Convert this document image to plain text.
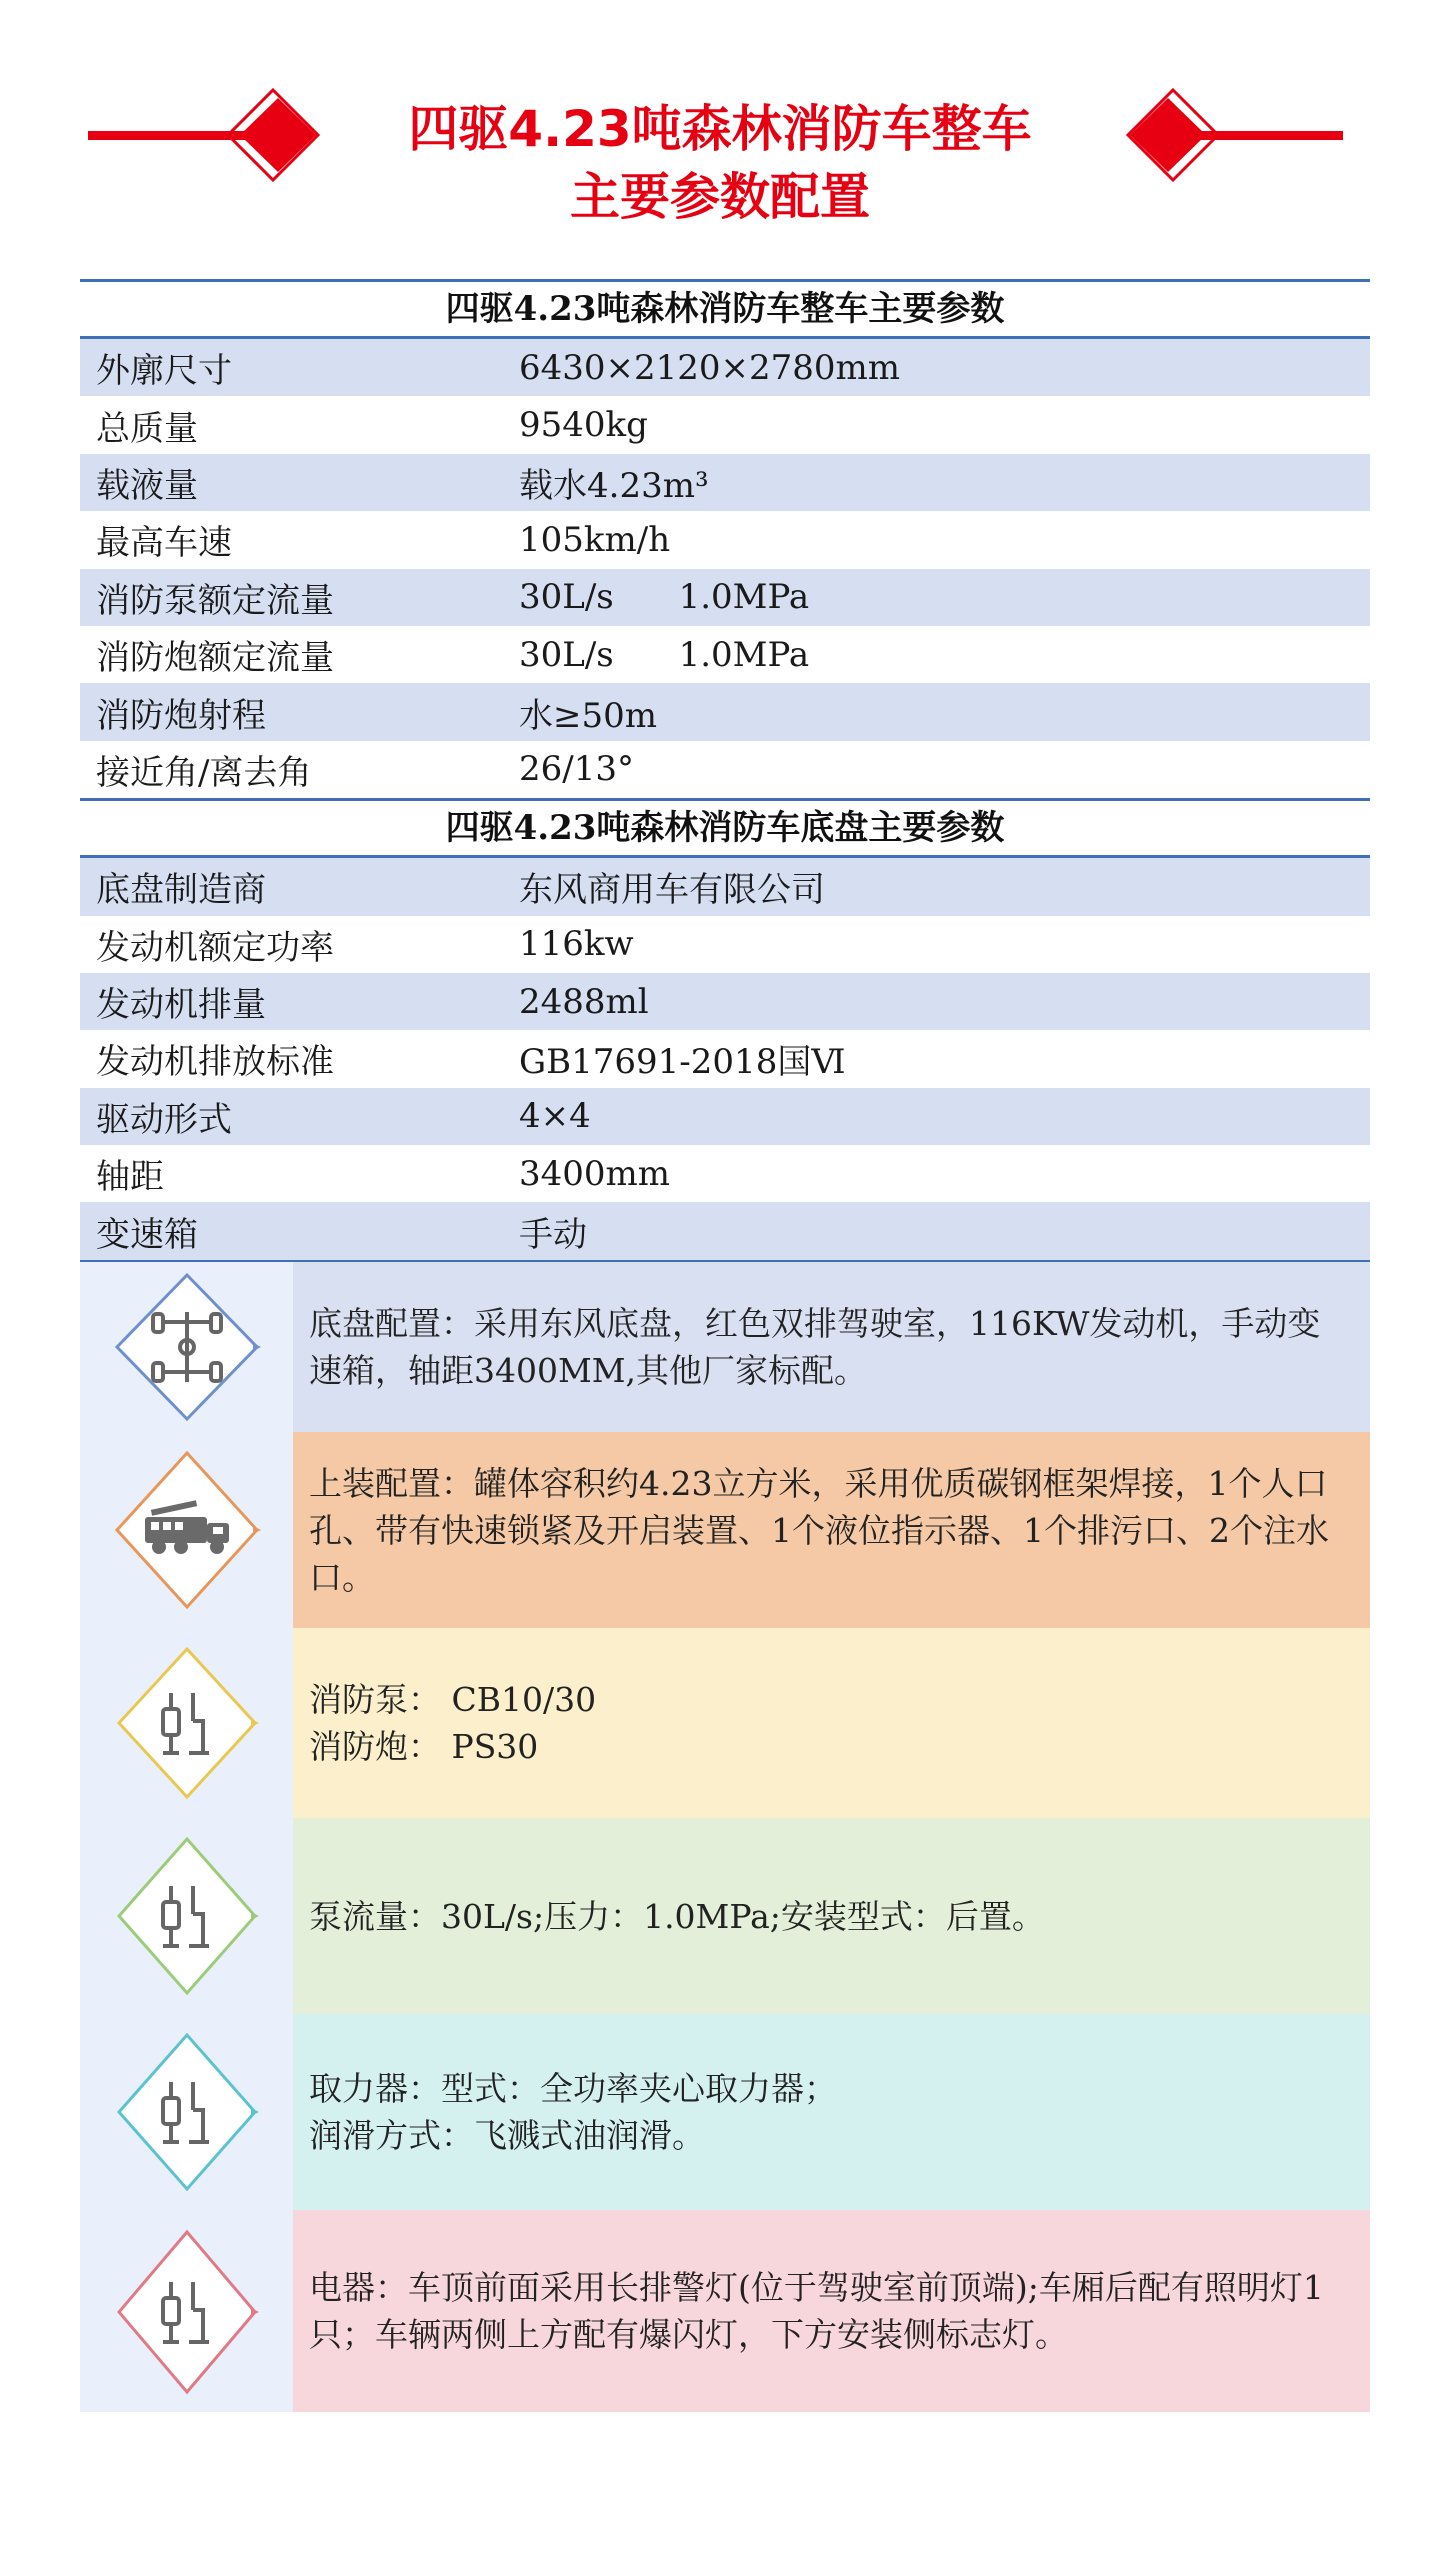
四驱4.23吨森林消防车整车
主要参数配置
四驱4.23吨森林消防车整车主要参数
外廓尺寸	6430×2120×2780mm
总质量	9540kg
载液量	载水4.23m³
最高车速	105km/h
消防泵额定流量	30L/s      1.0MPa
消防炮额定流量	30L/s      1.0MPa
消防炮射程	水≥50m
接近角/离去角	26/13°
四驱4.23吨森林消防车底盘主要参数
底盘制造商	东风商用车有限公司
发动机额定功率	116kw
发动机排量	2488ml
发动机排放标准	GB17691-2018国Ⅵ
驱动形式	4×4
轴距	3400mm
变速箱	手动
底盘配置：采用东风底盘，红色双排驾驶室，116KW发动机，手动变速箱，轴距3400MM,其他厂家标配。
上装配置：罐体容积约4.23立方米，采用优质碳钢框架焊接，1个人口孔、带有快速锁紧及开启装置、1个液位指示器、1个排污口、2个注水口。
消防泵： CB10/30
消防炮： PS30
泵流量：30L/s;压力：1.0MPa;安装型式：后置。
取力器：型式：全功率夹心取力器；
润滑方式：飞溅式油润滑。
电器：车顶前面采用长排警灯(位于驾驶室前顶端);车厢后配有照明灯1只；车辆两侧上方配有爆闪灯，下方安装侧标志灯。
